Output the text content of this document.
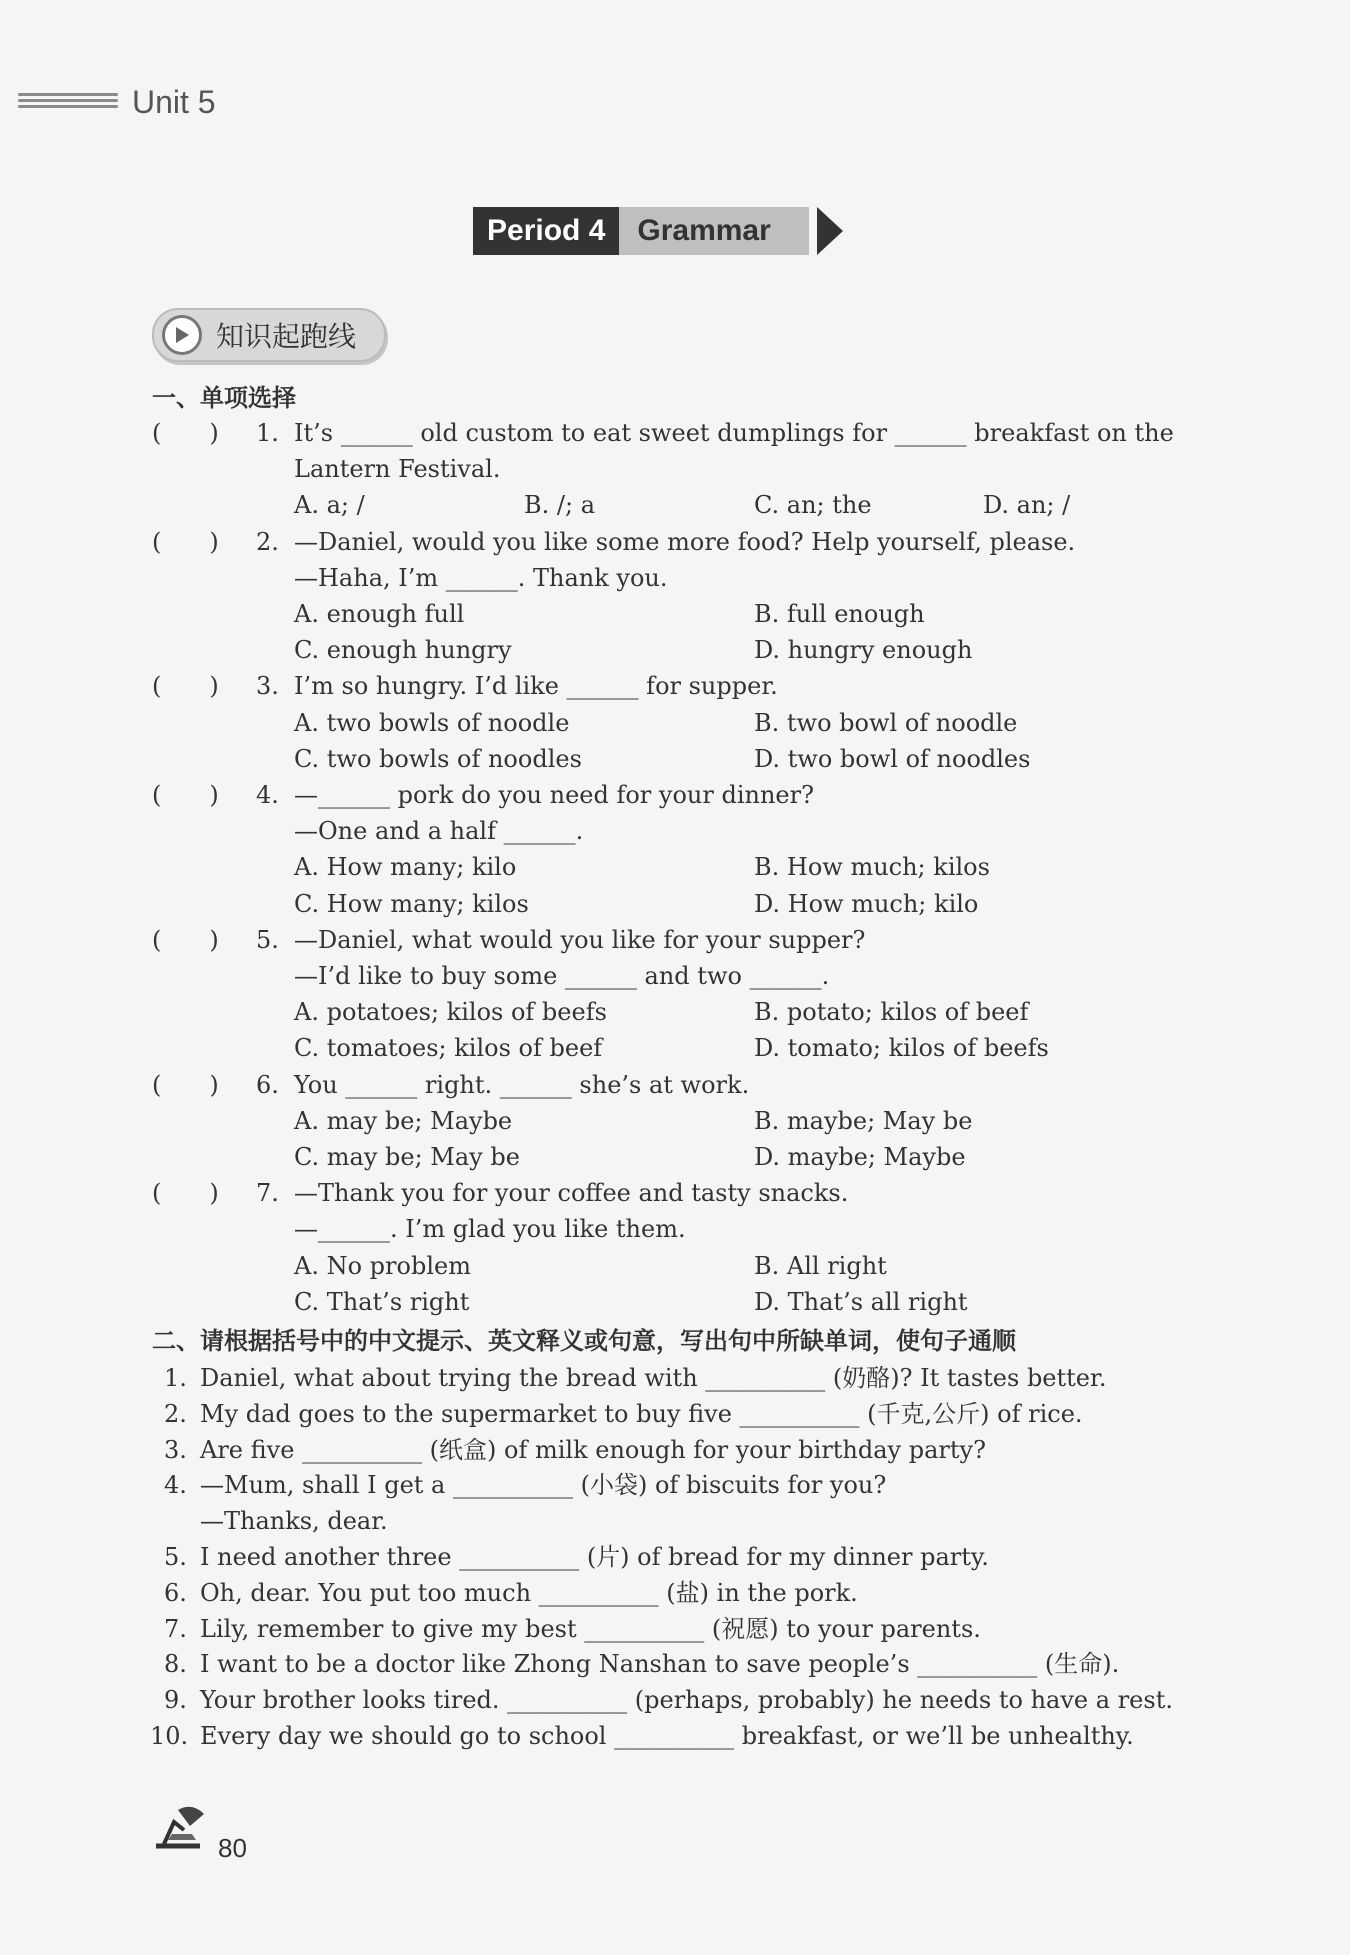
Unit 5
Period 4	Grammar
知识起跑线
一、单项选择
(　　) 1. It’s ______ old custom to eat sweet dumplings for ______ breakfast on the
Lantern Festival.
A. a; /	B. /; a	C. an; the	D. an; /
(　　) 2. —Daniel, would you like some more food? Help yourself, please.
—Haha, I’m ______. Thank you.
A. enough full	B. full enough
C. enough hungry	D. hungry enough
(　　) 3. I’m so hungry. I’d like ______ for supper.
A. two bowls of noodle	B. two bowl of noodle
C. two bowls of noodles	D. two bowl of noodles
(　　) 4. —______ pork do you need for your dinner?
—One and a half ______.
A. How many; kilo	B. How much; kilos
C. How many; kilos	D. How much; kilo
(　　) 5. —Daniel, what would you like for your supper?
—I’d like to buy some ______ and two ______.
A. potatoes; kilos of beefs	B. potato; kilos of beef
C. tomatoes; kilos of beef	D. tomato; kilos of beefs
(　　) 6. You ______ right. ______ she’s at work.
A. may be; Maybe	B. maybe; May be
C. may be; May be	D. maybe; Maybe
(　　) 7. —Thank you for your coffee and tasty snacks.
—______. I’m glad you like them.
A. No problem	B. All right
C. That’s right	D. That’s all right
二、请根据括号中的中文提示、英文释义或句意，写出句中所缺单词，使句子通顺
1. Daniel, what about trying the bread with __________ (奶酪)? It tastes better.
2. My dad goes to the supermarket to buy five __________ (千克,公斤) of rice.
3. Are five __________ (纸盒) of milk enough for your birthday party?
4. —Mum, shall I get a __________ (小袋) of biscuits for you?
—Thanks, dear.
5. I need another three __________ (片) of bread for my dinner party.
6. Oh, dear. You put too much __________ (盐) in the pork.
7. Lily, remember to give my best __________ (祝愿) to your parents.
8. I want to be a doctor like Zhong Nanshan to save people’s __________ (生命).
9. Your brother looks tired. __________ (perhaps, probably) he needs to have a rest.
10. Every day we should go to school __________ breakfast, or we’ll be unhealthy.
80
